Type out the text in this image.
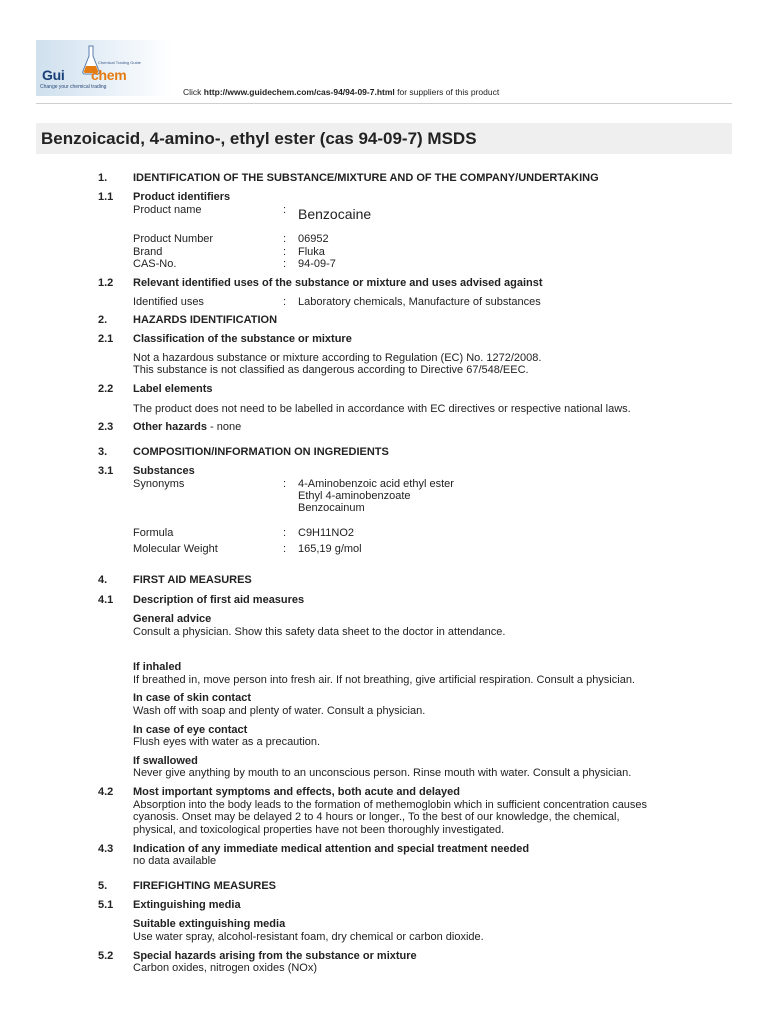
Chemical Trading Guide
Gui chem
Change your chemical trading	Click http://www.guidechem.com/cas-94/94-09-7.html for suppliers of this product
Benzoicacid, 4-amino-, ethyl ester (cas 94-09-7) MSDS
1. IDENTIFICATION OF THE SUBSTANCE/MIXTURE AND OF THE COMPANY/UNDERTAKING
1.1 Product identifiers
Product name	: Benzocaine
Product Number	: 06952
Brand	: Fluka
CAS-No.	: 94-09-7
1.2 Relevant identified uses of the substance or mixture and uses advised against
Identified uses	: Laboratory chemicals, Manufacture of substances
2. HAZARDS IDENTIFICATION
2.1 Classification of the substance or mixture
Not a hazardous substance or mixture according to Regulation (EC) No. 1272/2008.
This substance is not classified as dangerous according to Directive 67/548/EEC.
2.2 Label elements
The product does not need to be labelled in accordance with EC directives or respective national laws.
2.3 Other hazards - none
3. COMPOSITION/INFORMATION ON INGREDIENTS
3.1 Substances
Synonyms	: 4-Aminobenzoic acid ethyl ester
Ethyl 4-aminobenzoate
Benzocainum
Formula	: C9H11NO2
Molecular Weight	: 165,19 g/mol
4. FIRST AID MEASURES
4.1 Description of first aid measures
General advice
Consult a physician. Show this safety data sheet to the doctor in attendance.
If inhaled
If breathed in, move person into fresh air. If not breathing, give artificial respiration. Consult a physician.
In case of skin contact
Wash off with soap and plenty of water. Consult a physician.
In case of eye contact
Flush eyes with water as a precaution.
If swallowed
Never give anything by mouth to an unconscious person. Rinse mouth with water. Consult a physician.
4.2 Most important symptoms and effects, both acute and delayed
Absorption into the body leads to the formation of methemoglobin which in sufficient concentration causes
cyanosis. Onset may be delayed 2 to 4 hours or longer., To the best of our knowledge, the chemical,
physical, and toxicological properties have not been thoroughly investigated.
4.3 Indication of any immediate medical attention and special treatment needed
no data available
5. FIREFIGHTING MEASURES
5.1 Extinguishing media
Suitable extinguishing media
Use water spray, alcohol-resistant foam, dry chemical or carbon dioxide.
5.2 Special hazards arising from the substance or mixture
Carbon oxides, nitrogen oxides (NOx)
